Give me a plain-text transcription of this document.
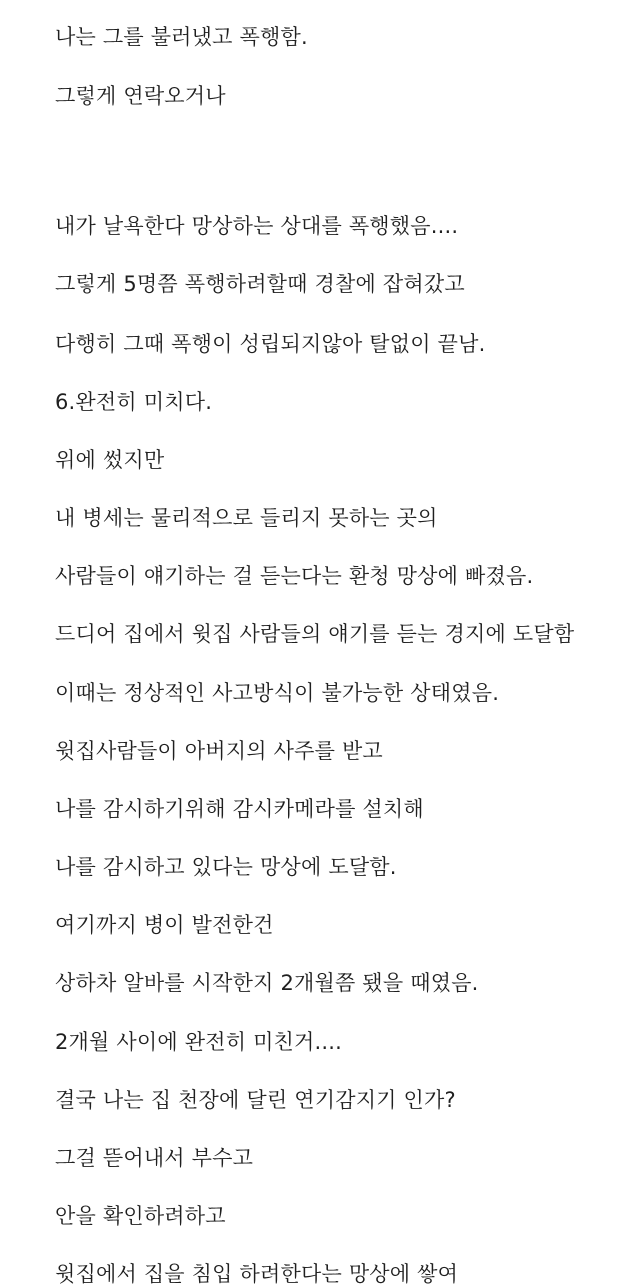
나는 그를 불러냈고 폭행함.
그렇게 연락오거나
내가 날욕한다 망상하는 상대를 폭행했음....
그렇게 5명쯤 폭행하려할때 경찰에 잡혀갔고
다행히 그때 폭행이 성립되지않아 탈없이 끝남.
6.완전히 미치다.
위에 썼지만
내 병세는 물리적으로 들리지 못하는 곳의
사람들이 얘기하는 걸 듣는다는 환청 망상에 빠졌음.
드디어 집에서 윗집 사람들의 얘기를 듣는 경지에 도달함
이때는 정상적인 사고방식이 불가능한 상태였음.
윗집사람들이 아버지의 사주를 받고
나를 감시하기위해 감시카메라를 설치해
나를 감시하고 있다는 망상에 도달함.
여기까지 병이 발전한건
상하차 알바를 시작한지 2개월쯤 됐을 때였음.
2개월 사이에 완전히 미친거....
결국 나는 집 천장에 달린 연기감지기 인가?
그걸 뜯어내서 부수고
안을 확인하려하고
윗집에서 집을 침입 하려한다는 망상에 쌓여
